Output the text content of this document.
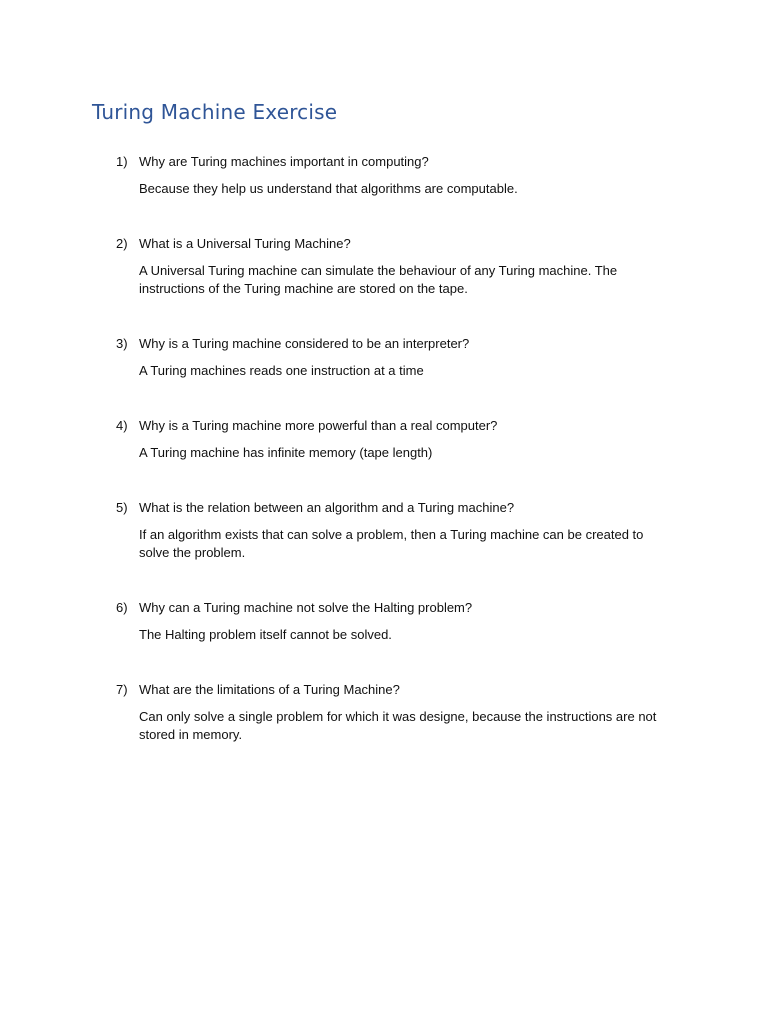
Turing Machine Exercise
1) Why are Turing machines important in computing?
Because they help us understand that algorithms are computable.
2) What is a Universal Turing Machine?
A Universal Turing machine can simulate the behaviour of any Turing machine. The instructions of the Turing machine are stored on the tape.
3) Why is a Turing machine considered to be an interpreter?
A Turing machines reads one instruction at a time
4) Why is a Turing machine more powerful than a real computer?
A Turing machine has infinite memory (tape length)
5) What is the relation between an algorithm and a Turing machine?
If an algorithm exists that can solve a problem, then a Turing machine can be created to solve the problem.
6) Why can a Turing machine not solve the Halting problem?
The Halting problem itself cannot be solved.
7) What are the limitations of a Turing Machine?
Can only solve a single problem for which it was designe, because the instructions are not stored in memory.
